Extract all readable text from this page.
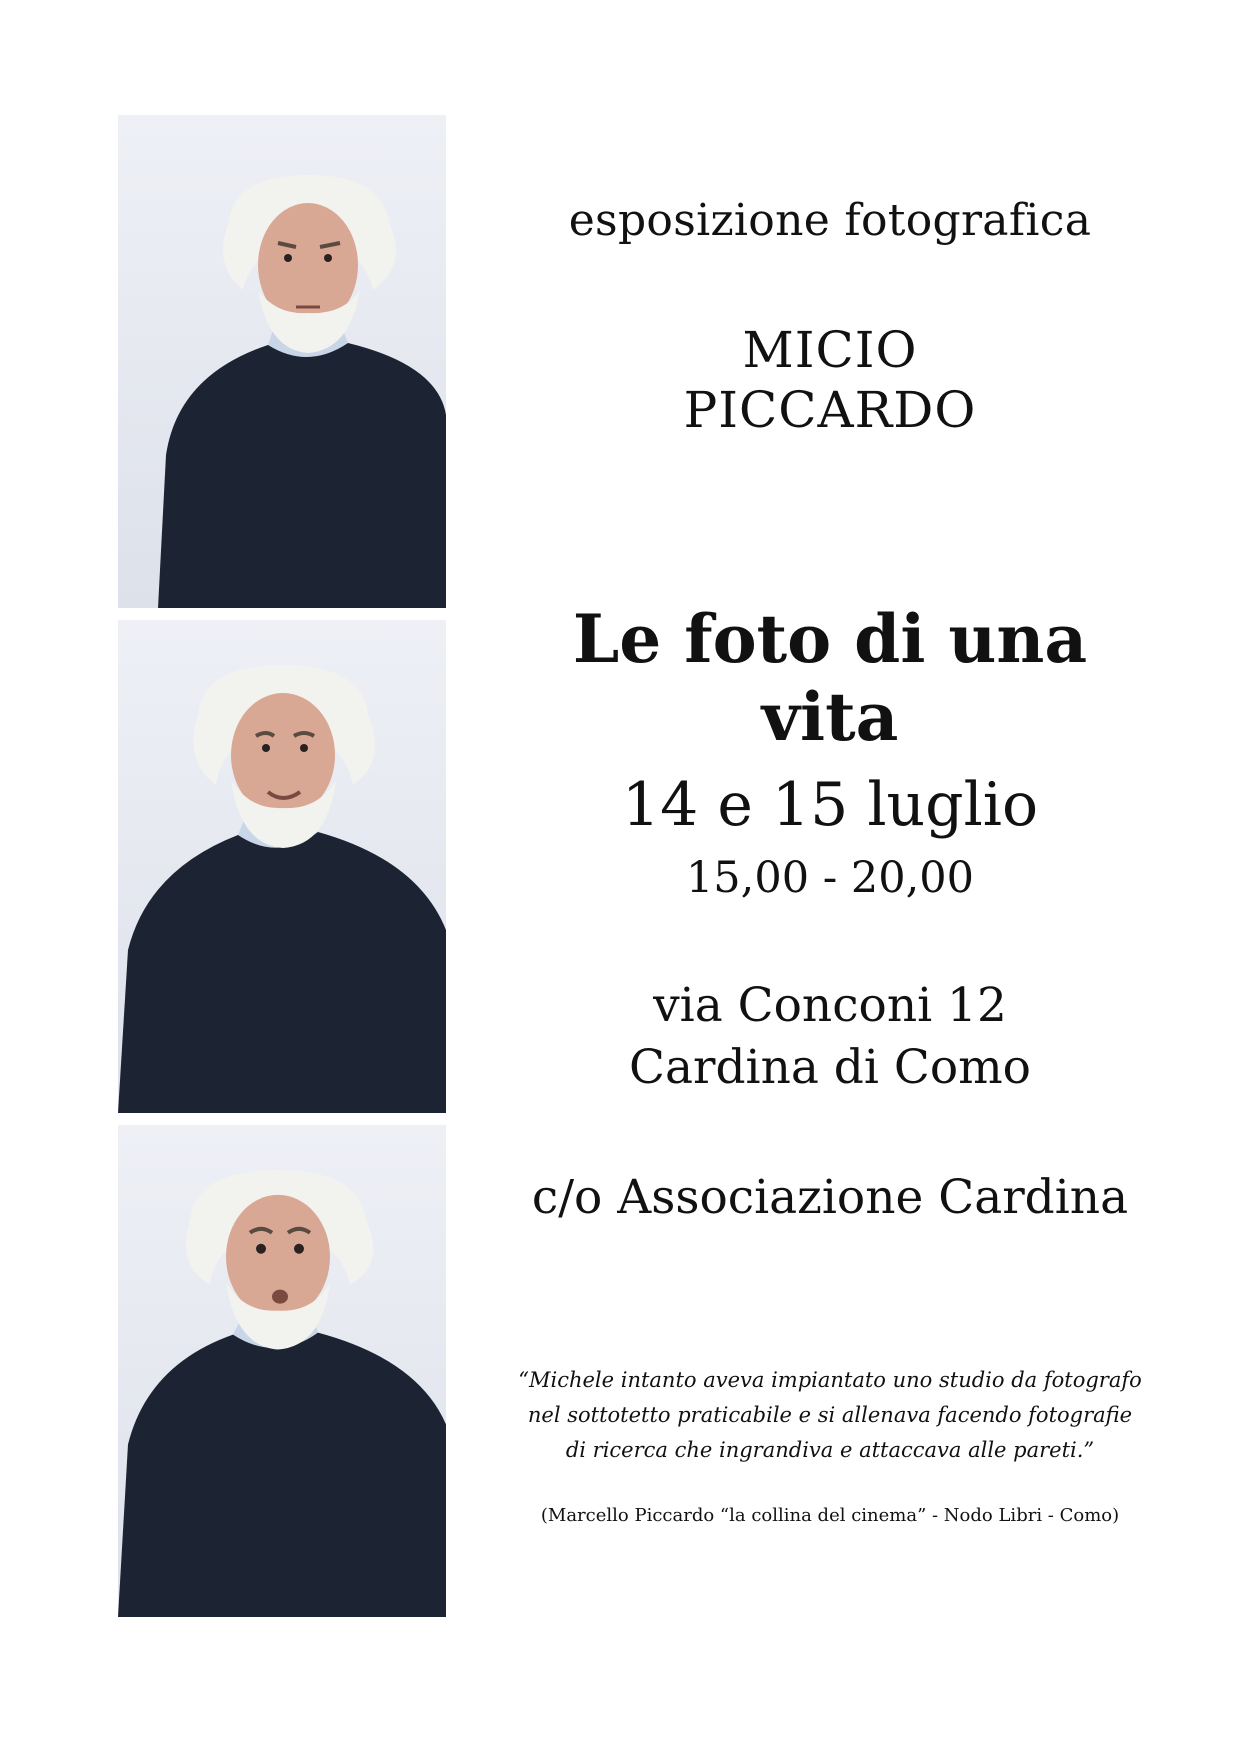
esposizione fotografica
MICIO
PICCARDO
Le foto di una vita
14 e 15 luglio
15,00 - 20,00
via Conconi 12
Cardina di Como
c/o Associazione Cardina
“Michele intanto aveva impiantato uno studio da fotografo
nel sottotetto praticabile e si allenava facendo fotografie
di ricerca che ingrandiva e attaccava alle pareti.”
(Marcello Piccardo “la collina del cinema” - Nodo Libri - Como)
